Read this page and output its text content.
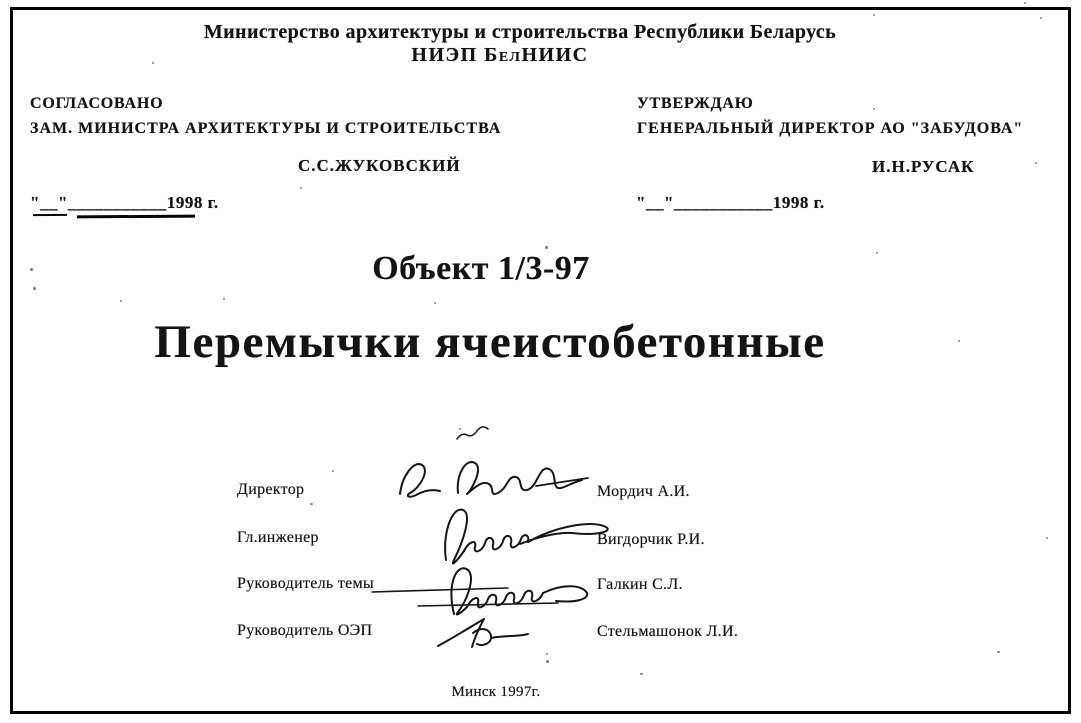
Министерство архитектуры и строительства Республики Беларусь
НИЭП БелНИИС
СОГЛАСОВАНО
ЗАМ. МИНИСТРА АРХИТЕКТУРЫ И СТРОИТЕЛЬСТВА
С.С.ЖУКОВСКИЙ
"__"___________1998 г.
УТВЕРЖДАЮ
ГЕНЕРАЛЬНЫЙ ДИРЕКТОР АО "ЗАБУДОВА"
И.Н.РУСАК
"__"___________1998 г.
Объект 1/3-97
Перемычки ячеистобетонные
Директор	Мордич А.И.
Гл.инженер	Вигдорчик Р.И.
Руководитель темы	Галкин С.Л.
Руководитель ОЭП	Стельмашонок Л.И.
Минск 1997г.
